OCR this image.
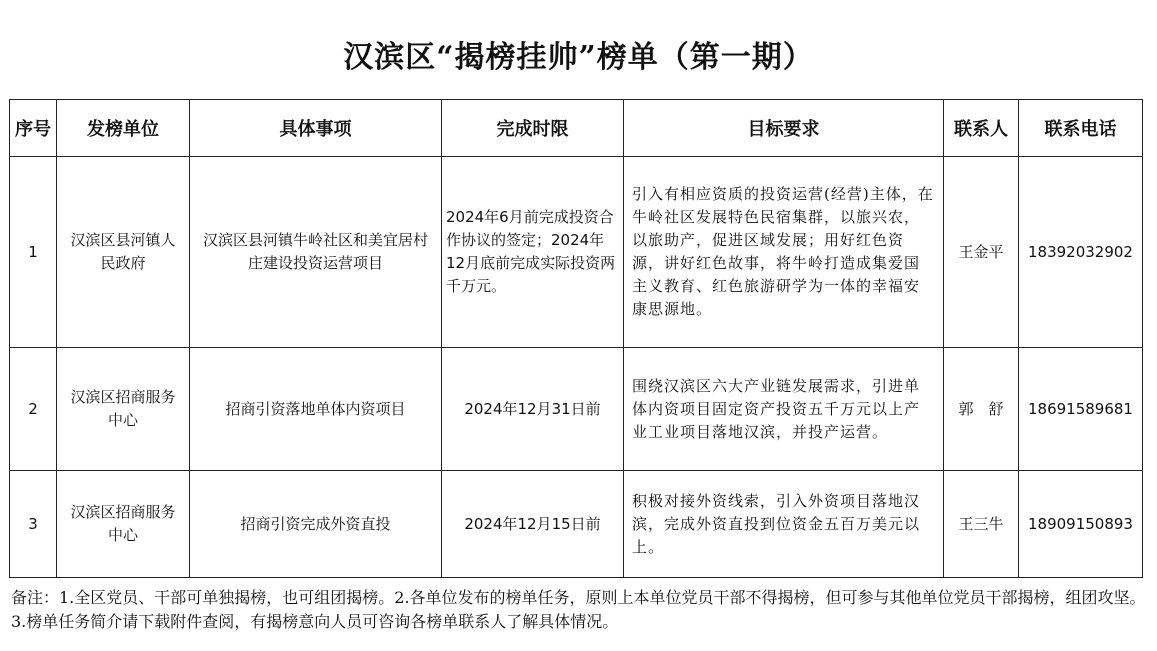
汉滨区“揭榜挂帅”榜单（第一期）
序号	发榜单位	具体事项	完成时限	目标要求	联系人	联系电话
1	汉滨区县河镇人民政府	汉滨区县河镇牛岭社区和美宜居村庄建设投资运营项目	2024年6月前完成投资合作协议的签定；2024年12月底前完成实际投资两千万元。	引入有相应资质的投资运营(经营)主体，在牛岭社区发展特色民宿集群，以旅兴农，以旅助产，促进区域发展；用好红色资源，讲好红色故事，将牛岭打造成集爱国主义教育、红色旅游研学为一体的幸福安康思源地。	王金平	18392032902
2	汉滨区招商服务中心	招商引资落地单体内资项目	2024年12月31日前	围绕汉滨区六大产业链发展需求，引进单体内资项目固定资产投资五千万元以上产业工业项目落地汉滨，并投产运营。	郭　舒	18691589681
3	汉滨区招商服务中心	招商引资完成外资直投	2024年12月15日前	积极对接外资线索，引入外资项目落地汉滨，完成外资直投到位资金五百万美元以上。	王三牛	18909150893
备注：1.全区党员、干部可单独揭榜，也可组团揭榜。2.各单位发布的榜单任务，原则上本单位党员干部不得揭榜，但可参与其他单位党员干部揭榜，组团攻坚。3.榜单任务简介请下载附件查阅，有揭榜意向人员可咨询各榜单联系人了解具体情况。
